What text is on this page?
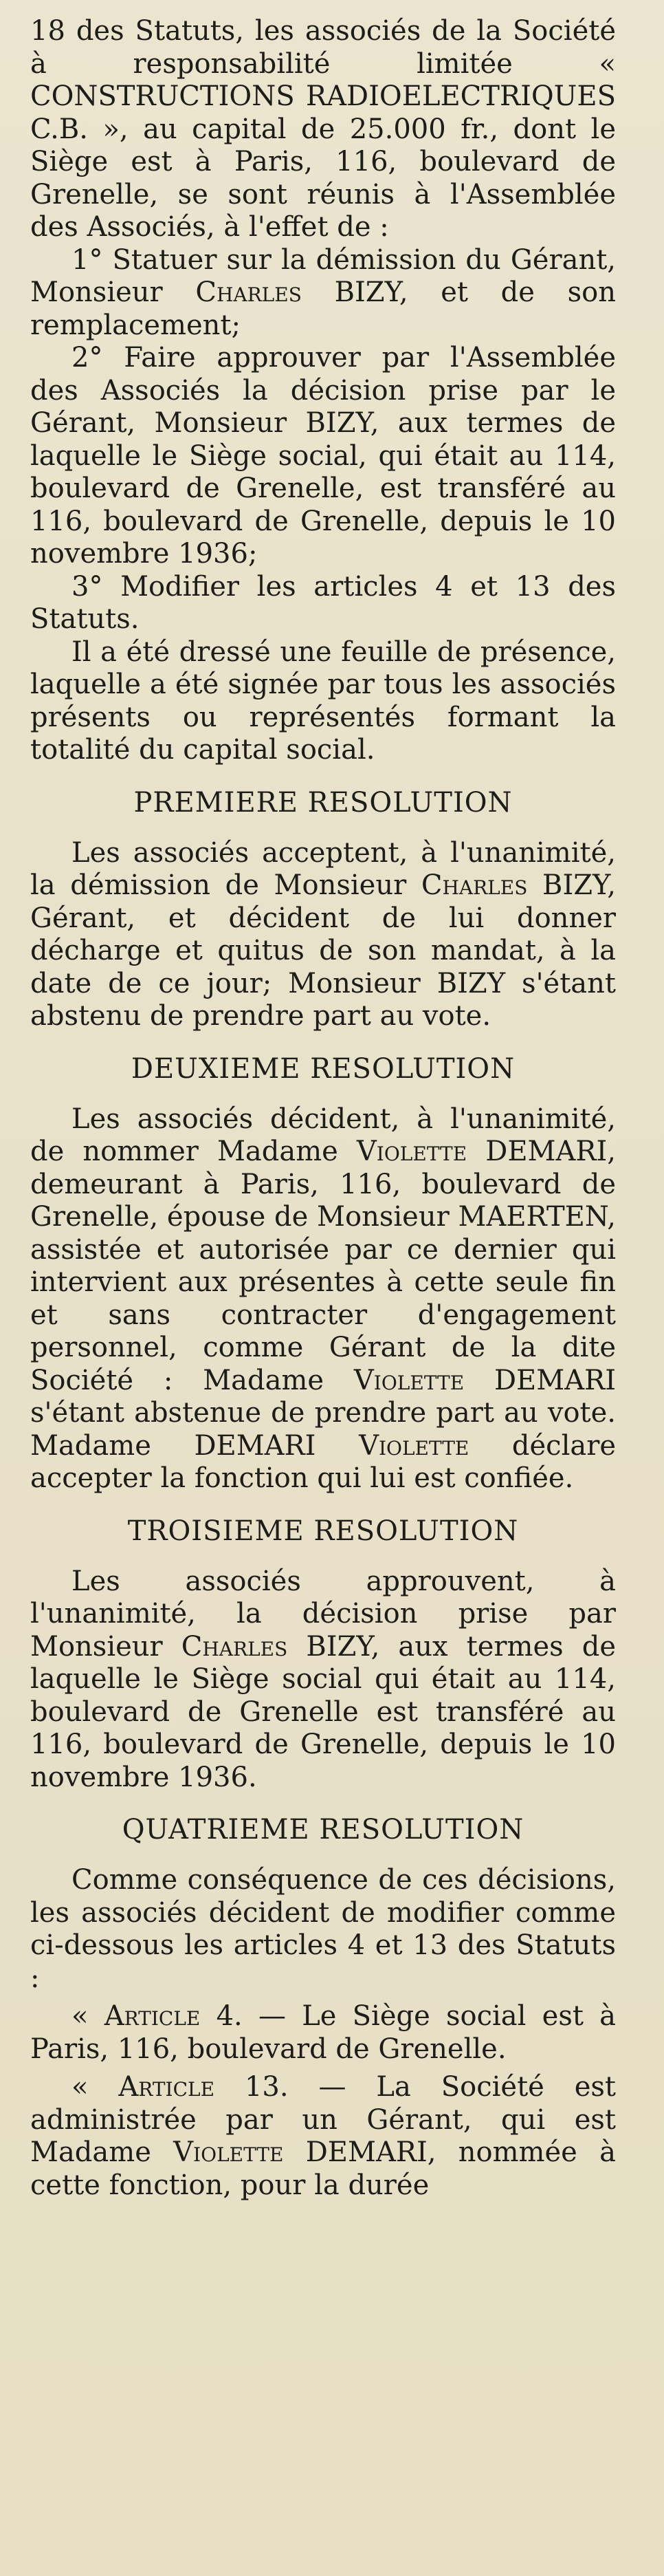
18 des Statuts, les associés de la Société à responsabilité limitée « CONSTRUCTIONS RADIOELECTRIQUES C.B. », au capital de 25.000 fr., dont le Siège est à Paris, 116, boulevard de Grenelle, se sont réunis à l'Assemblée des Associés, à l'effet de :

1° Statuer sur la démission du Gérant, Monsieur Charles BIZY, et de son remplacement;

2° Faire approuver par l'Assemblée des Associés la décision prise par le Gérant, Monsieur BIZY, aux termes de laquelle le Siège social, qui était au 114, boulevard de Grenelle, est transféré au 116, boulevard de Grenelle, depuis le 10 novembre 1936;

3° Modifier les articles 4 et 13 des Statuts.

Il a été dressé une feuille de présence, laquelle a été signée par tous les associés présents ou représentés formant la totalité du capital social.

PREMIERE RESOLUTION

Les associés acceptent, à l'unanimité, la démission de Monsieur Charles BIZY, Gérant, et décident de lui donner décharge et quitus de son mandat, à la date de ce jour; Monsieur BIZY s'étant abstenu de prendre part au vote.

DEUXIEME RESOLUTION

Les associés décident, à l'unanimité, de nommer Madame Violette DEMARI, demeurant à Paris, 116, boulevard de Grenelle, épouse de Monsieur MAERTEN, assistée et autorisée par ce dernier qui intervient aux présentes à cette seule fin et sans contracter d'engagement personnel, comme Gérant de la dite Société : Madame Violette DEMARI s'étant abstenue de prendre part au vote. Madame DEMARI Violette déclare accepter la fonction qui lui est confiée.

TROISIEME RESOLUTION

Les associés approuvent, à l'unanimité, la décision prise par Monsieur Charles BIZY, aux termes de laquelle le Siège social qui était au 114, boulevard de Grenelle est transféré au 116, boulevard de Grenelle, depuis le 10 novembre 1936.

QUATRIEME RESOLUTION

Comme conséquence de ces décisions, les associés décident de modifier comme ci-dessous les articles 4 et 13 des Statuts :

« Article 4. — Le Siège social est à Paris, 116, boulevard de Grenelle.

« Article 13. — La Société est administrée par un Gérant, qui est Madame Violette DEMARI, nommée à cette fonction, pour la durée
